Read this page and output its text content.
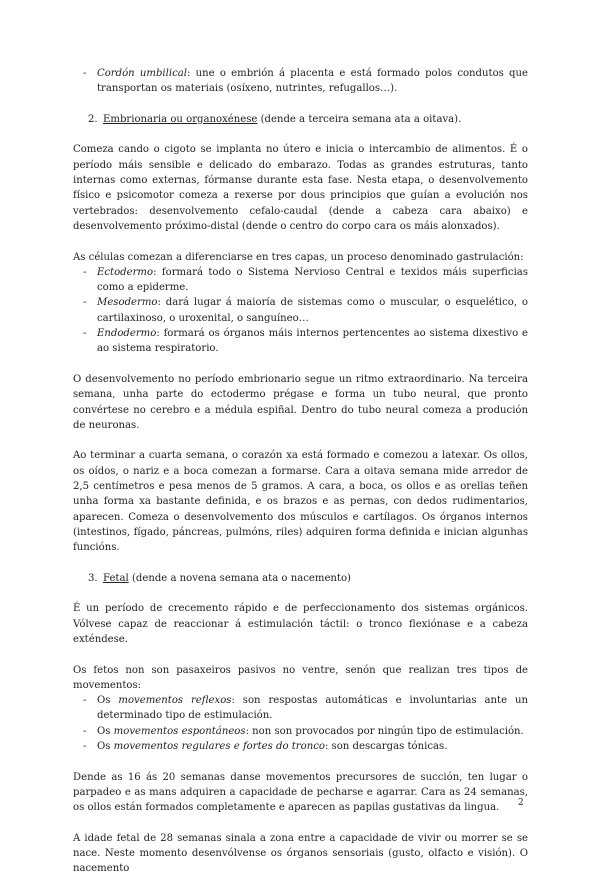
- Cordón umbilical: une o embrión á placenta e está formado polos condutos que transportan os materiais (osíxeno, nutrintes, refugallos…).

2. Embrionaria ou organoxénese (dende a terceira semana ata a oitava).

Comeza cando o cigoto se implanta no útero e inicia o intercambio de alimentos. É o período máis sensible e delicado do embarazo. Todas as grandes estruturas, tanto internas como externas, fórmanse durante esta fase. Nesta etapa, o desenvolvemento físico e psicomotor comeza a rexerse por dous principios que guían a evolución nos vertebrados: desenvolvemento cefalo-caudal (dende a cabeza cara abaixo) e desenvolvemento próximo-distal (dende o centro do corpo cara os máis alonxados).

As células comezan a diferenciarse en tres capas, un proceso denominado gastrulación:

- Ectodermo: formará todo o Sistema Nervioso Central e texidos máis superficias como a epiderme.

- Mesodermo: dará lugar á maioría de sistemas como o muscular, o esquelético, o cartilaxinoso, o uroxenital, o sanguíneo…

- Endodermo: formará os órganos máis internos pertencentes ao sistema dixestivo e ao sistema respiratorio.

O desenvolvemento no período embrionario segue un ritmo extraordinario. Na terceira semana, unha parte do ectodermo prégase e forma un tubo neural, que pronto convértese no cerebro e a médula espiñal. Dentro do tubo neural comeza a produción de neuronas.

Ao terminar a cuarta semana, o corazón xa está formado e comezou a latexar. Os ollos, os oídos, o nariz e a boca comezan a formarse. Cara a oitava semana mide arredor de 2,5 centímetros e pesa menos de 5 gramos. A cara, a boca, os ollos e as orellas teñen unha forma xa bastante definida, e os brazos e as pernas, con dedos rudimentarios, aparecen. Comeza o desenvolvemento dos músculos e cartílagos. Os órganos internos (intestinos, fígado, páncreas, pulmóns, riles) adquiren forma definida e inician algunhas funcións.

3. Fetal (dende a novena semana ata o nacemento)

É un período de crecemento rápido e de perfeccionamento dos sistemas orgánicos. Vólvese capaz de reaccionar á estimulación táctil: o tronco flexiónase e a cabeza exténdese.

Os fetos non son pasaxeiros pasivos no ventre, senón que realizan tres tipos de movementos:

- Os movementos reflexos: son respostas automáticas e involuntarias ante un determinado tipo de estimulación.

- Os movementos espontáneos: non son provocados por ningún tipo de estimulación.

- Os movementos regulares e fortes do tronco: son descargas tónicas.

Dende as 16 ás 20 semanas danse movementos precursores de succión, ten lugar o parpadeo e as mans adquiren a capacidade de pecharse e agarrar. Cara as 24 semanas, os ollos están formados completamente e aparecen as papilas gustativas da lingua.

A idade fetal de 28 semanas sinala a zona entre a capacidade de vivir ou morrer se se nace. Neste momento desenvólvense os órganos sensoriais (gusto, olfacto e visión). O nacemento

2
